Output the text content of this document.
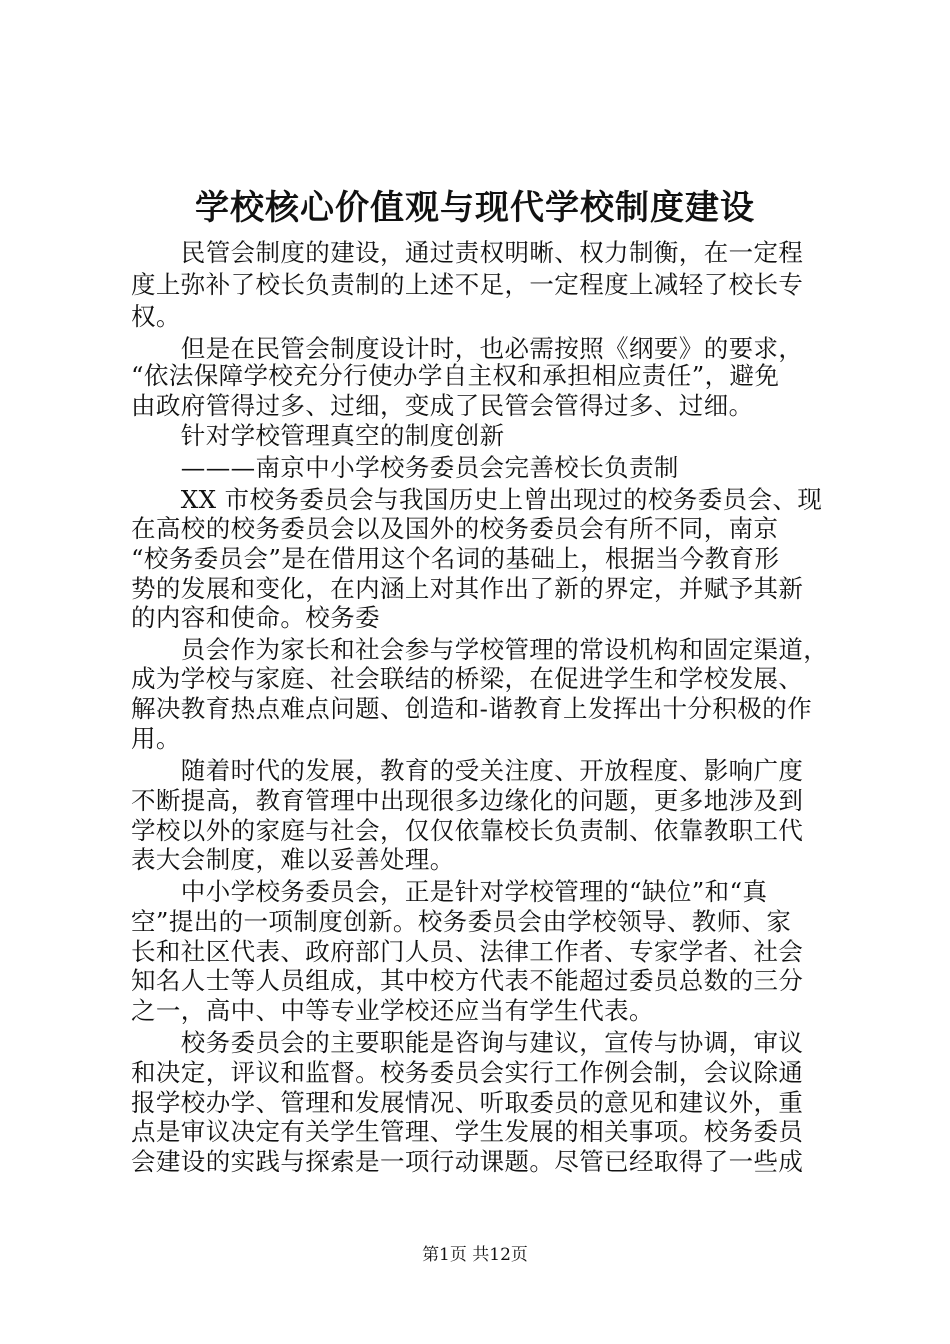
学校核心价值观与现代学校制度建设
　　民管会制度的建设，通过责权明晰、权力制衡，在一定程
度上弥补了校长负责制的上述不足，一定程度上减轻了校长专
权。
　　但是在民管会制度设计时，也必需按照《纲要》的要求，
“依法保障学校充分行使办学自主权和承担相应责任”，避免
由政府管得过多、过细，变成了民管会管得过多、过细。
　　针对学校管理真空的制度创新
　　———南京中小学校务委员会完善校长负责制
　　XX 市校务委员会与我国历史上曾出现过的校务委员会、现
在高校的校务委员会以及国外的校务委员会有所不同，南京
“校务委员会”是在借用这个名词的基础上，根据当今教育形
势的发展和变化，在内涵上对其作出了新的界定，并赋予其新
的内容和使命。校务委
　　员会作为家长和社会参与学校管理的常设机构和固定渠道，
成为学校与家庭、社会联结的桥梁，在促进学生和学校发展、
解决教育热点难点问题、创造和-谐教育上发挥出十分积极的作
用。
　　随着时代的发展，教育的受关注度、开放程度、影响广度
不断提高，教育管理中出现很多边缘化的问题，更多地涉及到
学校以外的家庭与社会，仅仅依靠校长负责制、依靠教职工代
表大会制度，难以妥善处理。
　　中小学校务委员会，正是针对学校管理的“缺位”和“真
空”提出的一项制度创新。校务委员会由学校领导、教师、家
长和社区代表、政府部门人员、法律工作者、专家学者、社会
知名人士等人员组成，其中校方代表不能超过委员总数的三分
之一，高中、中等专业学校还应当有学生代表。
　　校务委员会的主要职能是咨询与建议，宣传与协调，审议
和决定，评议和监督。校务委员会实行工作例会制，会议除通
报学校办学、管理和发展情况、听取委员的意见和建议外，重
点是审议决定有关学生管理、学生发展的相关事项。校务委员
会建设的实践与探索是一项行动课题。尽管已经取得了一些成
第1页 共12页
